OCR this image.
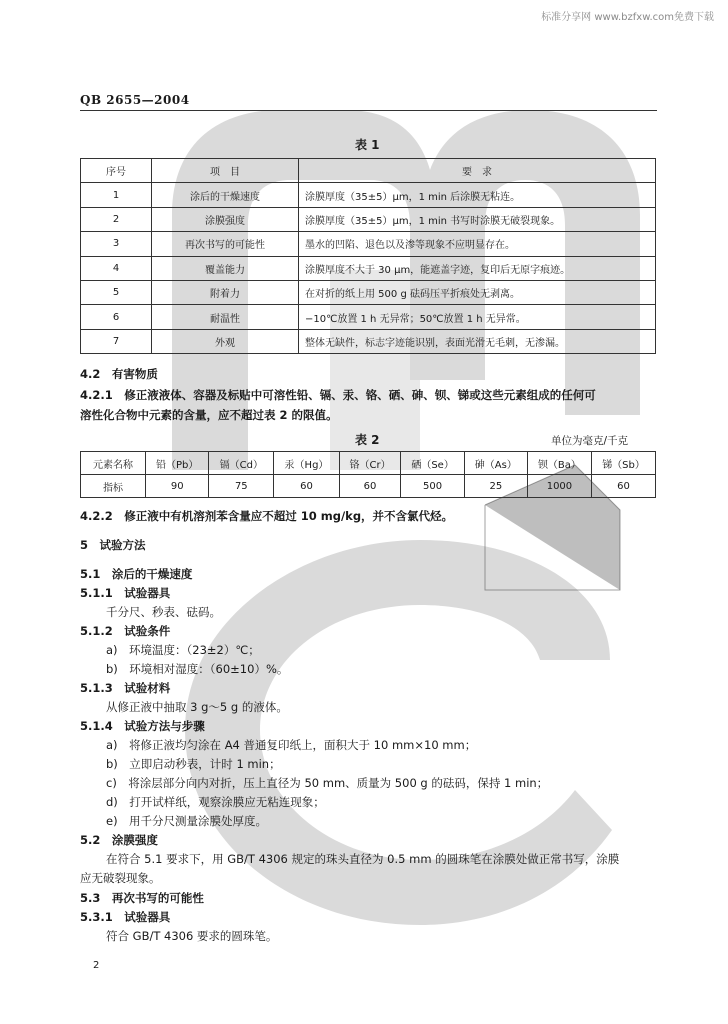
标准分享网 www.bzfxw.com免费下载
QB 2655—2004
表 1
序号	项　目	要　求
1	涂后的干燥速度	涂膜厚度（35±5）μm，1 min 后涂膜无粘连。
2	涂膜强度	涂膜厚度（35±5）μm，1 min 书写时涂膜无破裂现象。
3	再次书写的可能性	墨水的凹陷、退色以及渗等现象不应明显存在。
4	覆盖能力	涂膜厚度不大于 30 μm，能遮盖字迹，复印后无原字痕迹。
5	附着力	在对折的纸上用 500 g 砝码压平折痕处无剥离。
6	耐温性	−10℃放置 1 h 无异常；50℃放置 1 h 无异常。
7	外观	整体无缺件，标志字迹能识别，表面光滑无毛刺，无渗漏。
4.2　有害物质
4.2.1　修正液液体、容器及标贴中可溶性铅、镉、汞、铬、硒、砷、钡、锑或这些元素组成的任何可
溶性化合物中元素的含量，应不超过表 2 的限值。
表 2	单位为毫克/千克
元素名称	铅（Pb）	镉（Cd）	汞（Hg）	铬（Cr）	硒（Se）	砷（As）	钡（Ba）	锑（Sb）
指标	90	75	60	60	500	25	1000	60
4.2.2　修正液中有机溶剂苯含量应不超过 10 mg/kg，并不含氯代烃。
5　试验方法
5.1　涂后的干燥速度
5.1.1　试验器具
千分尺、秒表、砝码。
5.1.2　试验条件
a)　环境温度：（23±2）℃；
b)　环境相对湿度：（60±10）%。
5.1.3　试验材料
从修正液中抽取 3 g～5 g 的液体。
5.1.4　试验方法与步骤
a)　将修正液均匀涂在 A4 普通复印纸上，面积大于 10 mm×10 mm；
b)　立即启动秒表，计时 1 min；
c)　将涂层部分向内对折，压上直径为 50 mm、质量为 500 g 的砝码，保持 1 min；
d)　打开试样纸，观察涂膜应无粘连现象；
e)　用千分尺测量涂膜处厚度。
5.2　涂膜强度
在符合 5.1 要求下，用 GB/T 4306 规定的珠头直径为 0.5 mm 的圆珠笔在涂膜处做正常书写，涂膜
应无破裂现象。
5.3　再次书写的可能性
5.3.1　试验器具
符合 GB/T 4306 要求的圆珠笔。
2
